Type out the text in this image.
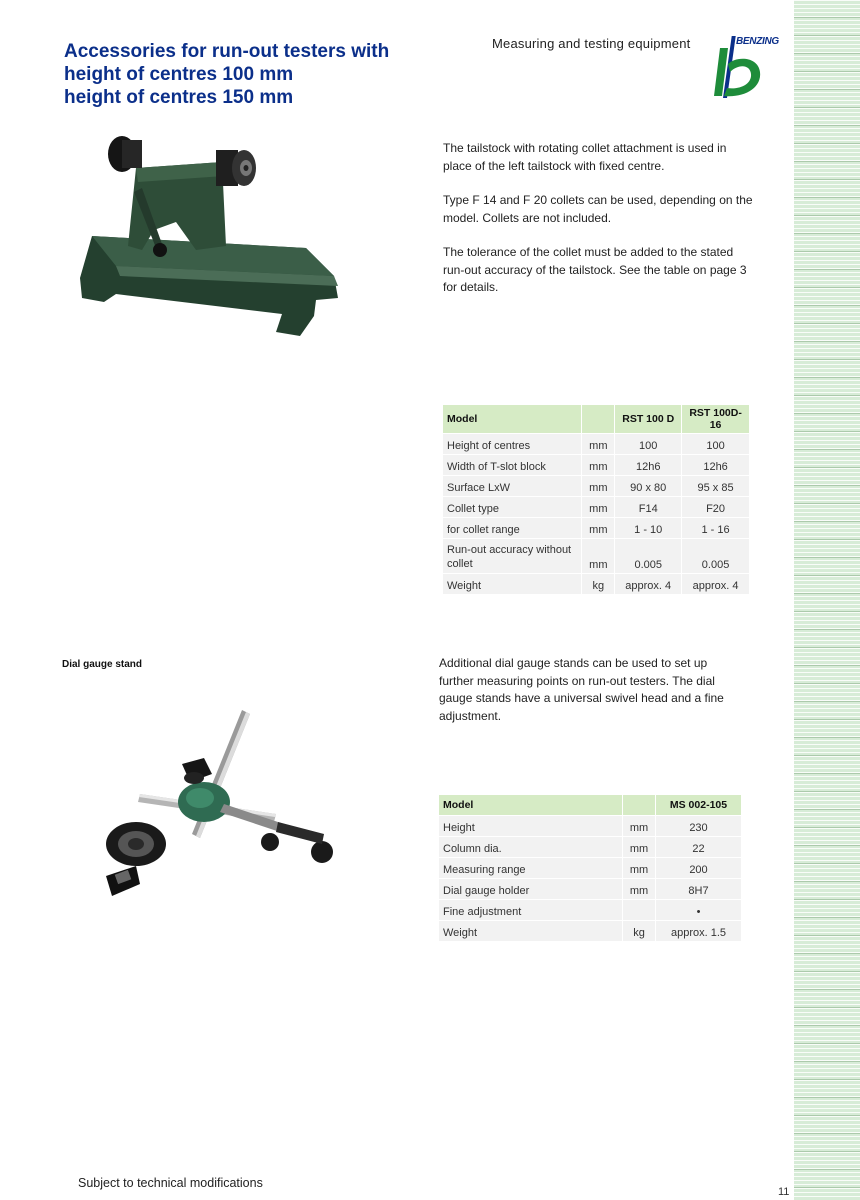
Accessories for run-out testers with
height of centres 100 mm
height of centres 150 mm
Measuring and testing equipment	BENZING

The tailstock with rotating collet attachment is used in place of the left tailstock with fixed centre.

Type F 14 and F 20 collets can be used, depending on the model. Collets are not included.

The tolerance of the collet must be added to the stated run-out accuracy of the tailstock. See the table on page 3 for details.

Model		RST 100 D	RST 100D-16
Height of centres	mm	100	100
Width of T-slot block	mm	12h6	12h6
Surface LxW	mm	90 x 80	95 x 85
Collet type	mm	F14	F20
for collet range	mm	1 - 10	1 - 16
Run-out accuracy without collet	mm	0.005	0.005
Weight	kg	approx. 4	approx. 4
Dial gauge stand	Additional dial gauge stands can be used to set up further measuring points on run-out testers. The dial gauge stands have a universal swivel head and a fine adjustment.

Model		MS 002-105
Height	mm	230
Column dia.	mm	22
Measuring range	mm	200
Dial gauge holder	mm	8H7
Fine adjustment		•
Weight	kg	approx. 1.5
Subject to technical modifications
11
